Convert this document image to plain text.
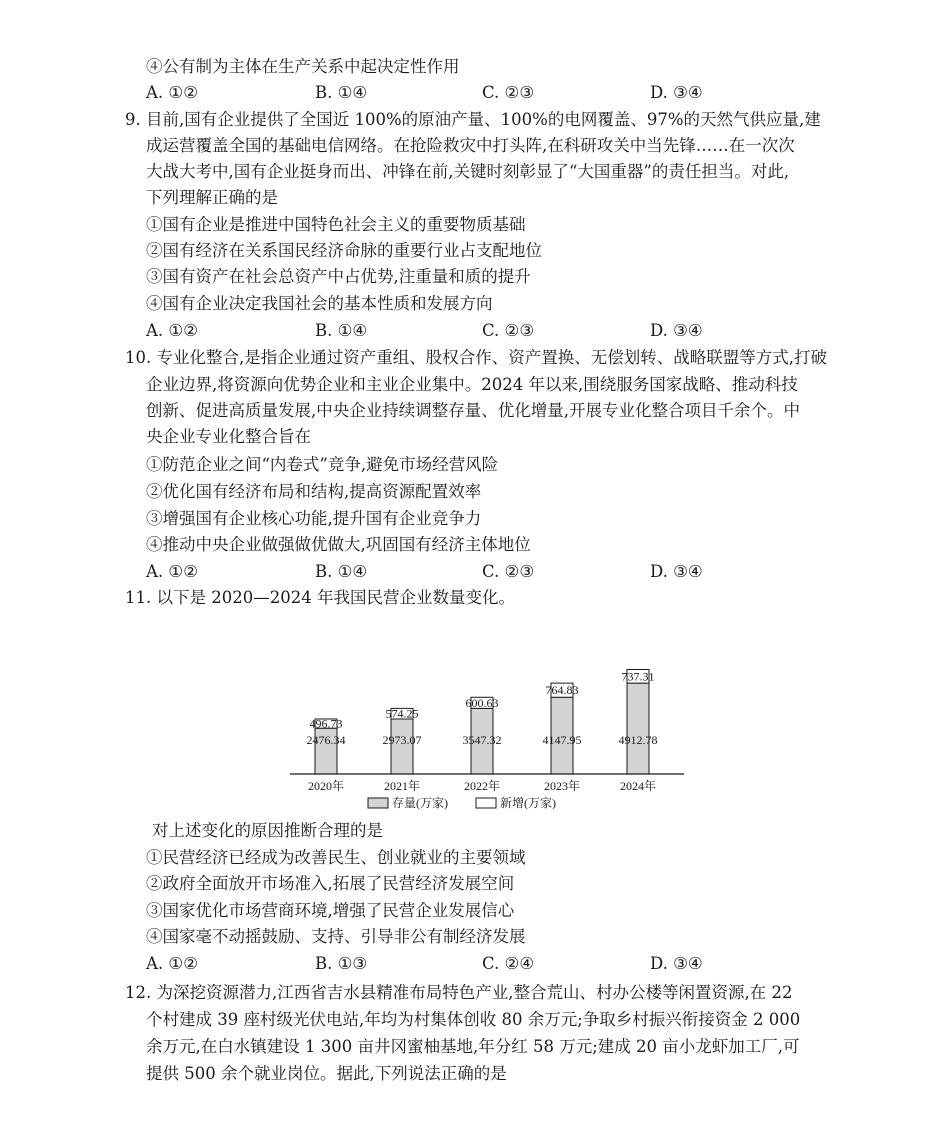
④公有制为主体在生产关系中起决定性作用
A. ①②	B. ①④	C. ②③	D. ③④
9. 目前,国有企业提供了全国近 100%的原油产量、100%的电网覆盖、97%的天然气供应量,建
成运营覆盖全国的基础电信网络。在抢险救灾中打头阵,在科研攻关中当先锋……在一次次
大战大考中,国有企业挺身而出、冲锋在前,关键时刻彰显了“大国重器”的责任担当。对此,
下列理解正确的是
①国有企业是推进中国特色社会主义的重要物质基础
②国有经济在关系国民经济命脉的重要行业占支配地位
③国有资产在社会总资产中占优势,注重量和质的提升
④国有企业决定我国社会的基本性质和发展方向
A. ①②	B. ①④	C. ②③	D. ③④
10. 专业化整合,是指企业通过资产重组、股权合作、资产置换、无偿划转、战略联盟等方式,打破
企业边界,将资源向优势企业和主业企业集中。2024 年以来,围绕服务国家战略、推动科技
创新、促进高质量发展,中央企业持续调整存量、优化增量,开展专业化整合项目千余个。中
央企业专业化整合旨在
①防范企业之间“内卷式”竞争,避免市场经营风险
②优化国有经济布局和结构,提高资源配置效率
③增强国有企业核心功能,提升国有企业竞争力
④推动中央企业做强做优做大,巩固国有经济主体地位
A. ①②	B. ①④	C. ②③	D. ③④
11. 以下是 2020—2024 年我国民营企业数量变化。
496.73
2476.34
574.25
2973.07
600.63
3547.32
764.83
4147.95
737.31
4912.78
2020年	2021年	2022年	2023年	2024年
存量(万家)	新增(万家)
对上述变化的原因推断合理的是
①民营经济已经成为改善民生、创业就业的主要领域
②政府全面放开市场准入,拓展了民营经济发展空间
③国家优化市场营商环境,增强了民营企业发展信心
④国家毫不动摇鼓励、支持、引导非公有制经济发展
A. ①②	B. ①③	C. ②④	D. ③④
12. 为深挖资源潜力,江西省吉水县精准布局特色产业,整合荒山、村办公楼等闲置资源,在 22
个村建成 39 座村级光伏电站,年均为村集体创收 80 余万元;争取乡村振兴衔接资金 2 000
余万元,在白水镇建设 1 300 亩井冈蜜柚基地,年分红 58 万元;建成 20 亩小龙虾加工厂,可
提供 500 余个就业岗位。据此,下列说法正确的是
